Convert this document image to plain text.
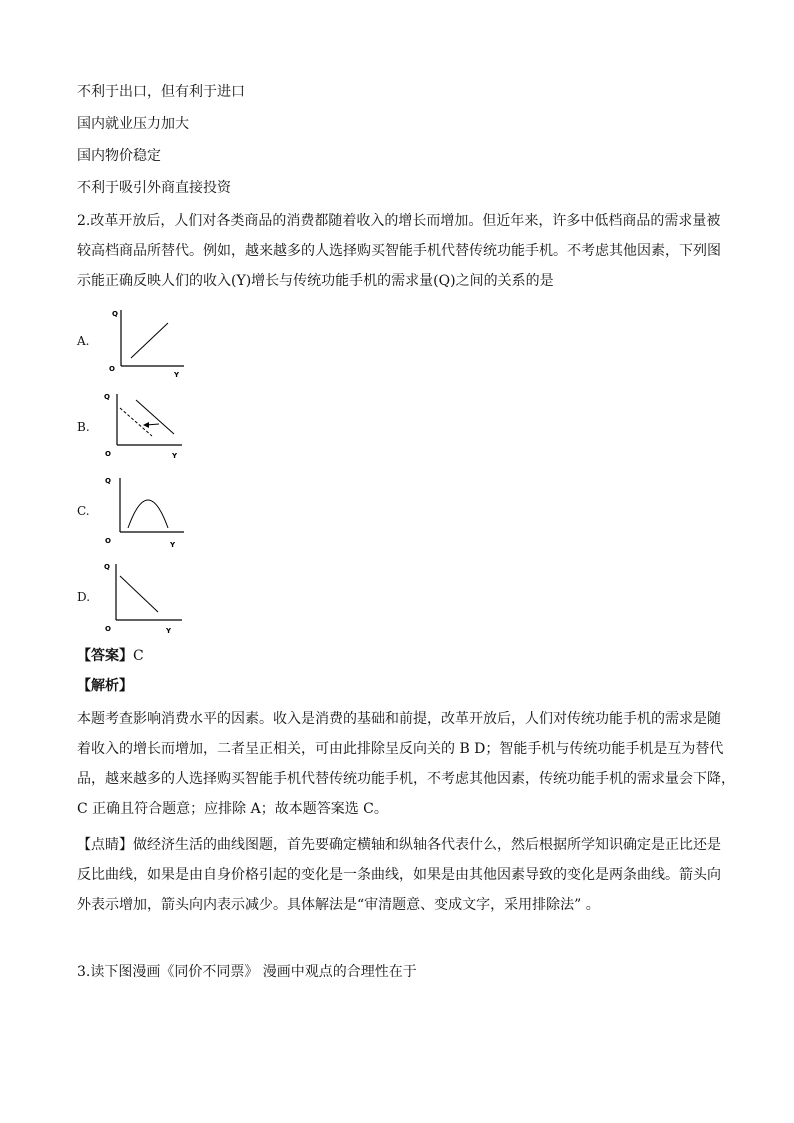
不利于出口，但有利于进口
国内就业压力加大
国内物价稳定
不利于吸引外商直接投资
2.改革开放后，人们对各类商品的消费都随着收入的增长而增加。但近年来，许多中低档商品的需求量被
较高档商品所替代。例如，越来越多的人选择购买智能手机代替传统功能手机。不考虑其他因素，下列图
示能正确反映人们的收入(Y)增长与传统功能手机的需求量(Q)之间的关系的是
A.
Q
O
Y
B.
Q
O	Y
C.
Q
O	Y
D.
Q
O	Y
【答案】C
【解析】
本题考查影响消费水平的因素。收入是消费的基础和前提，改革开放后，人们对传统功能手机的需求是随
着收入的增长而增加，二者呈正相关，可由此排除呈反向关的 B D；智能手机与传统功能手机是互为替代
品，越来越多的人选择购买智能手机代替传统功能手机，不考虑其他因素，传统功能手机的需求量会下降，
C 正确且符合题意；应排除 A；故本题答案选 C。
【点睛】做经济生活的曲线图题，首先要确定横轴和纵轴各代表什么，然后根据所学知识确定是正比还是
反比曲线，如果是由自身价格引起的变化是一条曲线，如果是由其他因素导致的变化是两条曲线。箭头向
外表示增加，箭头向内表示减少。具体解法是“审清题意、变成文字，采用排除法” 。
3.读下图漫画《同价不同票》 漫画中观点的合理性在于
